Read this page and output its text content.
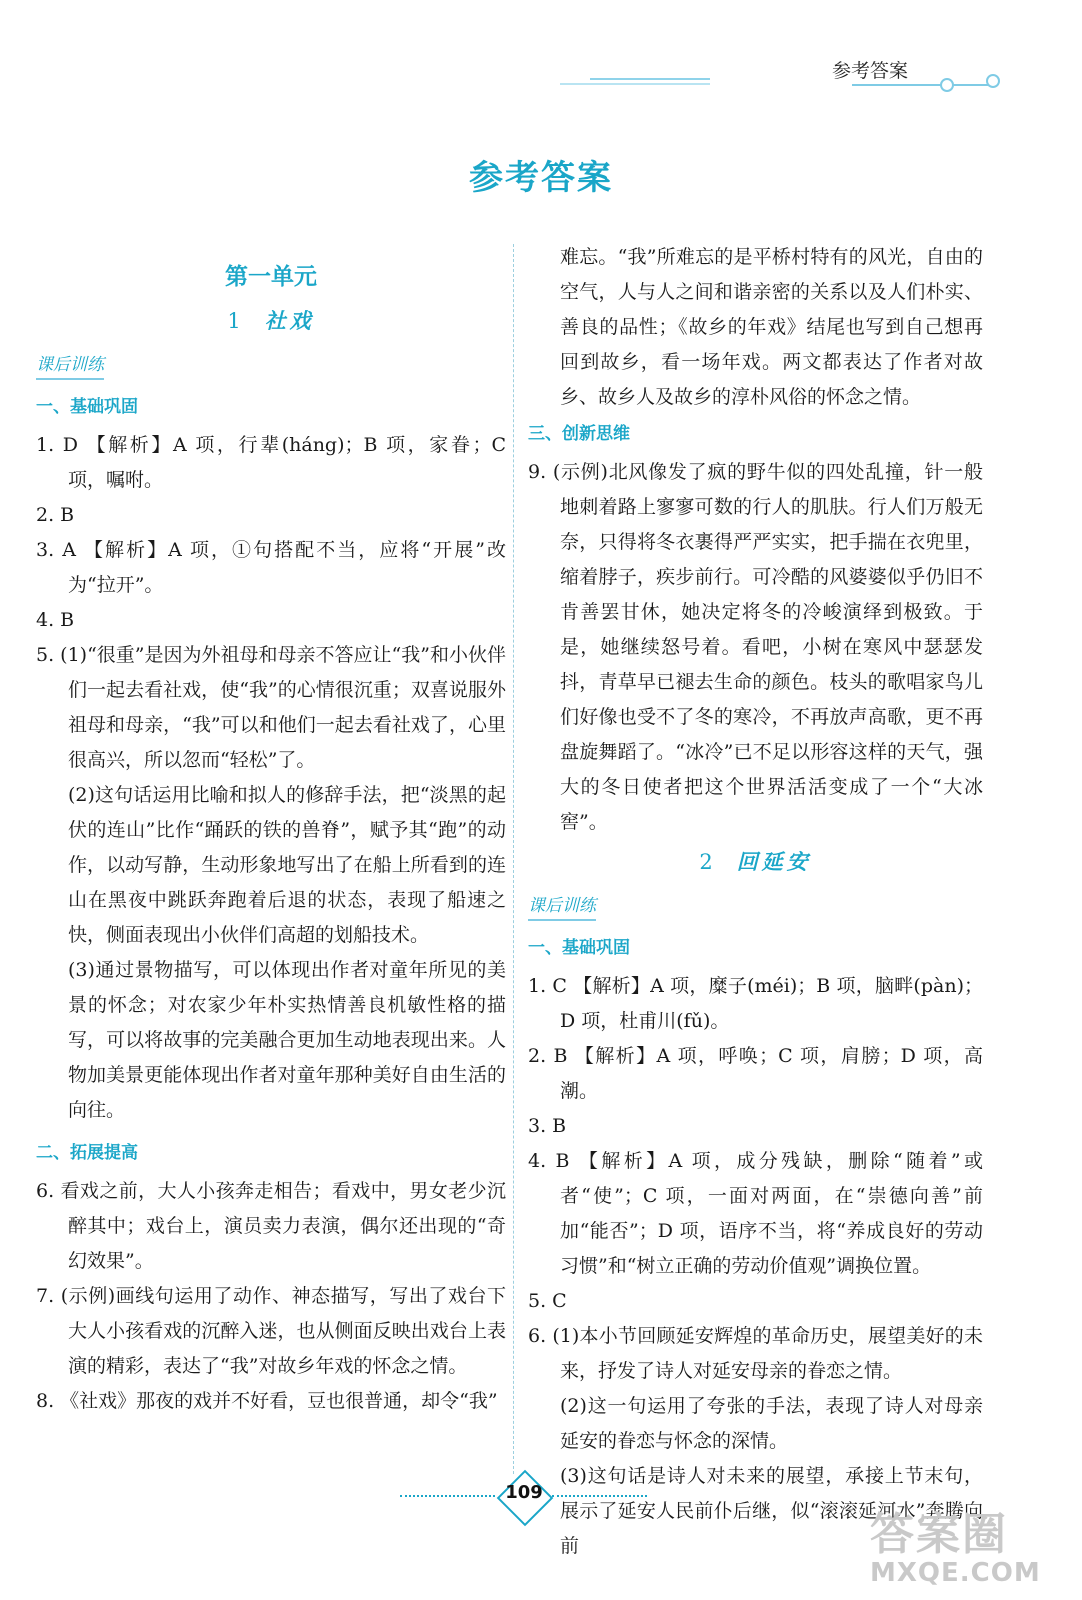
参考答案
参考答案
第一单元
1 社戏
课后训练
一、基础巩固

1. D 【解析】A 项，行辈(háng)；B 项，家眷；C 项，嘱咐。

2. B

3. A 【解析】A 项，①句搭配不当，应将“开展”改为“拉开”。

4. B

5. (1)“很重”是因为外祖母和母亲不答应让“我”和小伙伴们一起去看社戏，使“我”的心情很沉重；双喜说服外祖母和母亲，“我”可以和他们一起去看社戏了，心里很高兴，所以忽而“轻松”了。

(2)这句话运用比喻和拟人的修辞手法，把“淡黑的起伏的连山”比作“踊跃的铁的兽脊”，赋予其“跑”的动作，以动写静，生动形象地写出了在船上所看到的连山在黑夜中跳跃奔跑着后退的状态，表现了船速之快，侧面表现出小伙伴们高超的划船技术。

(3)通过景物描写，可以体现出作者对童年所见的美景的怀念；对农家少年朴实热情善良机敏性格的描写，可以将故事的完美融合更加生动地表现出来。人物加美景更能体现出作者对童年那种美好自由生活的向往。

二、拓展提高

6. 看戏之前，大人小孩奔走相告；看戏中，男女老少沉醉其中；戏台上，演员卖力表演，偶尔还出现的“奇幻效果”。

7. (示例)画线句运用了动作、神态描写，写出了戏台下大人小孩看戏的沉醉入迷，也从侧面反映出戏台上表演的精彩，表达了“我”对故乡年戏的怀念之情。

8. 《社戏》那夜的戏并不好看，豆也很普通，却令“我”

难忘。“我”所难忘的是平桥村特有的风光，自由的空气，人与人之间和谐亲密的关系以及人们朴实、善良的品性；《故乡的年戏》结尾也写到自己想再回到故乡，看一场年戏。两文都表达了作者对故乡、故乡人及故乡的淳朴风俗的怀念之情。

三、创新思维

9. (示例)北风像发了疯的野牛似的四处乱撞，针一般地刺着路上寥寥可数的行人的肌肤。行人们万般无奈，只得将冬衣裹得严严实实，把手揣在衣兜里，缩着脖子，疾步前行。可冷酷的风婆婆似乎仍旧不肯善罢甘休，她决定将冬的冷峻演绎到极致。于是，她继续怒号着。看吧，小树在寒风中瑟瑟发抖，青草早已褪去生命的颜色。枝头的歌唱家鸟儿们好像也受不了冬的寒冷，不再放声高歌，更不再盘旋舞蹈了。“冰冷”已不足以形容这样的天气，强大的冬日使者把这个世界活活变成了一个“大冰窖”。

2 回延安
课后训练
一、基础巩固

1. C 【解析】A 项，糜子(méi)；B 项，脑畔(pàn)；D 项，杜甫川(fǔ)。

2. B 【解析】A 项，呼唤；C 项，肩膀；D 项，高潮。

3. B

4. B 【解析】A 项，成分残缺，删除“随着”或者“使”；C 项，一面对两面，在“崇德向善”前加“能否”；D 项，语序不当，将“养成良好的劳动习惯”和“树立正确的劳动价值观”调换位置。

5. C

6. (1)本小节回顾延安辉煌的革命历史，展望美好的未来，抒发了诗人对延安母亲的眷恋之情。

(2)这一句运用了夸张的手法，表现了诗人对母亲延安的眷恋与怀念的深情。

(3)这句话是诗人对未来的展望，承接上节末句，展示了延安人民前仆后继，似“滚滚延河水”奔腾向前

109
答案圈
MXQE.COM
